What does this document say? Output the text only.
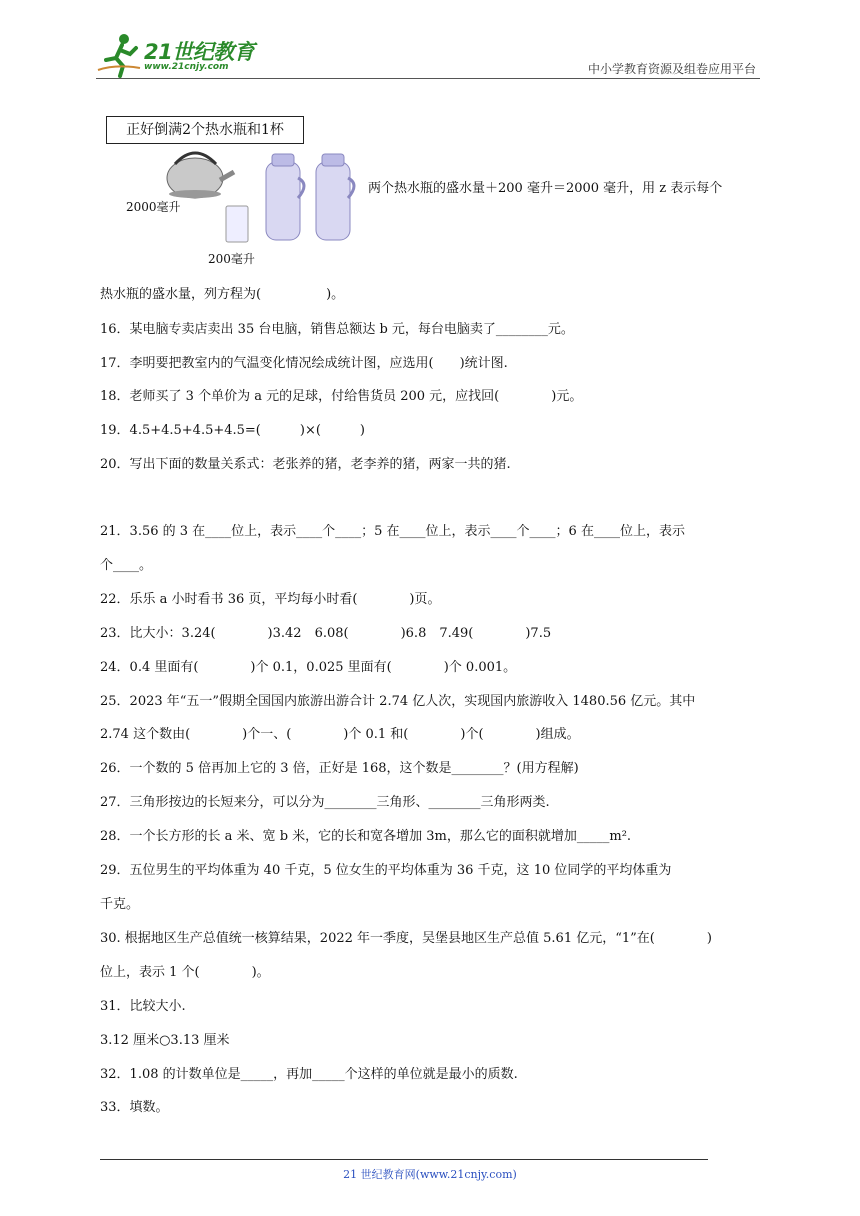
21世纪教育
www.21cnjy.com	中小学教育资源及组卷应用平台
正好倒满2个热水瓶和1杯
2000毫升
200毫升
两个热水瓶的盛水量＋200 毫升＝2000 毫升，用 z 表示每个
热水瓶的盛水量，列方程为(　　　　　)。
16．某电脑专卖店卖出 35 台电脑，销售总额达 b 元，每台电脑卖了________元。
17．李明要把教室内的气温变化情况绘成统计图，应选用(　　)统计图.
18．老师买了 3 个单价为 a 元的足球，付给售货员 200 元，应找回(　　　　)元。
19．4.5+4.5+4.5+4.5=(　　　)×(　　　)
20．写出下面的数量关系式：老张养的猪，老李养的猪，两家一共的猪.
21．3.56 的 3 在____位上，表示____个____；5 在____位上，表示____个____；6 在____位上，表示
个____。
22．乐乐 a 小时看书 36 页，平均每小时看(　　　　)页。
23．比大小：3.24(　　　　)3.42　6.08(　　　　)6.8　7.49(　　　　)7.5
24．0.4 里面有(　　　　)个 0.1，0.025 里面有(　　　　)个 0.001。
25．2023 年“五一”假期全国国内旅游出游合计 2.74 亿人次，实现国内旅游收入 1480.56 亿元。其中
2.74 这个数由(　　　　)个一、(　　　　)个 0.1 和(　　　　)个(　　　　)组成。
26．一个数的 5 倍再加上它的 3 倍，正好是 168，这个数是________？(用方程解)
27．三角形按边的长短来分，可以分为________三角形、________三角形两类.
28．一个长方形的长 a 米、宽 b 米，它的长和宽各增加 3m，那么它的面积就增加_____m².
29．五位男生的平均体重为 40 千克，5 位女生的平均体重为 36 千克，这 10 位同学的平均体重为
千克。
30. 根据地区生产总值统一核算结果，2022 年一季度，吴堡县地区生产总值 5.61 亿元，“1”在(　　　　)
位上，表示 1 个(　　　　)。
31．比较大小.
3.12 厘米○3.13 厘米
32．1.08 的计数单位是_____，再加_____个这样的单位就是最小的质数.
33．填数。
21 世纪教育网(www.21cnjy.com)
